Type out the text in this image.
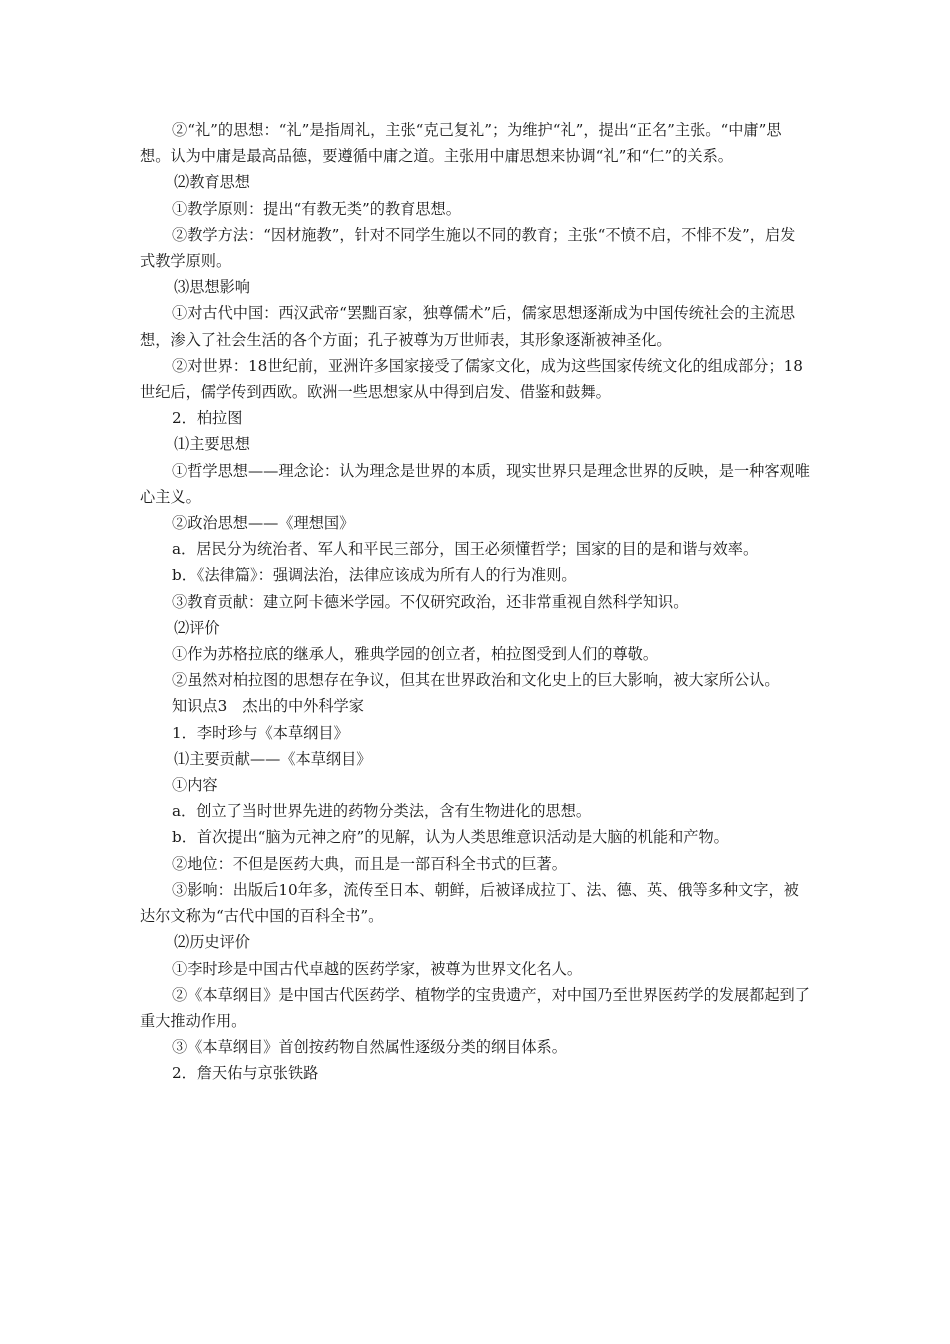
②“礼”的思想：“礼”是指周礼，主张“克己复礼”；为维护“礼”，提出“正名”主张。“中庸”思想。认为中庸是最高品德，要遵循中庸之道。主张用中庸思想来协调“礼”和“仁”的关系。

⑵教育思想

①教学原则：提出“有教无类”的教育思想。

②教学方法：“因材施教”，针对不同学生施以不同的教育；主张“不愤不启，不悱不发”，启发式教学原则。

⑶思想影响

①对古代中国：西汉武帝“罢黜百家，独尊儒术”后，儒家思想逐渐成为中国传统社会的主流思想，渗入了社会生活的各个方面；孔子被尊为万世师表，其形象逐渐被神圣化。

②对世界：18世纪前，亚洲许多国家接受了儒家文化，成为这些国家传统文化的组成部分；18世纪后，儒学传到西欧。欧洲一些思想家从中得到启发、借鉴和鼓舞。

2．柏拉图

⑴主要思想

①哲学思想——理念论：认为理念是世界的本质，现实世界只是理念世界的反映，是一种客观唯心主义。

②政治思想——《理想国》

a．居民分为统治者、军人和平民三部分，国王必须懂哲学；国家的目的是和谐与效率。

b．《法律篇》：强调法治，法律应该成为所有人的行为准则。

③教育贡献：建立阿卡德米学园。不仅研究政治，还非常重视自然科学知识。

⑵评价

①作为苏格拉底的继承人，雅典学园的创立者，柏拉图受到人们的尊敬。

②虽然对柏拉图的思想存在争议，但其在世界政治和文化史上的巨大影响，被大家所公认。

知识点3　杰出的中外科学家

1．李时珍与《本草纲目》

⑴主要贡献——《本草纲目》

①内容

a．创立了当时世界先进的药物分类法，含有生物进化的思想。

b．首次提出“脑为元神之府”的见解，认为人类思维意识活动是大脑的机能和产物。

②地位：不但是医药大典，而且是一部百科全书式的巨著。

③影响：出版后10年多，流传至日本、朝鲜，后被译成拉丁、法、德、英、俄等多种文字，被达尔文称为“古代中国的百科全书”。

⑵历史评价

①李时珍是中国古代卓越的医药学家，被尊为世界文化名人。

②《本草纲目》是中国古代医药学、植物学的宝贵遗产，对中国乃至世界医药学的发展都起到了重大推动作用。

③《本草纲目》首创按药物自然属性逐级分类的纲目体系。

2．詹天佑与京张铁路
